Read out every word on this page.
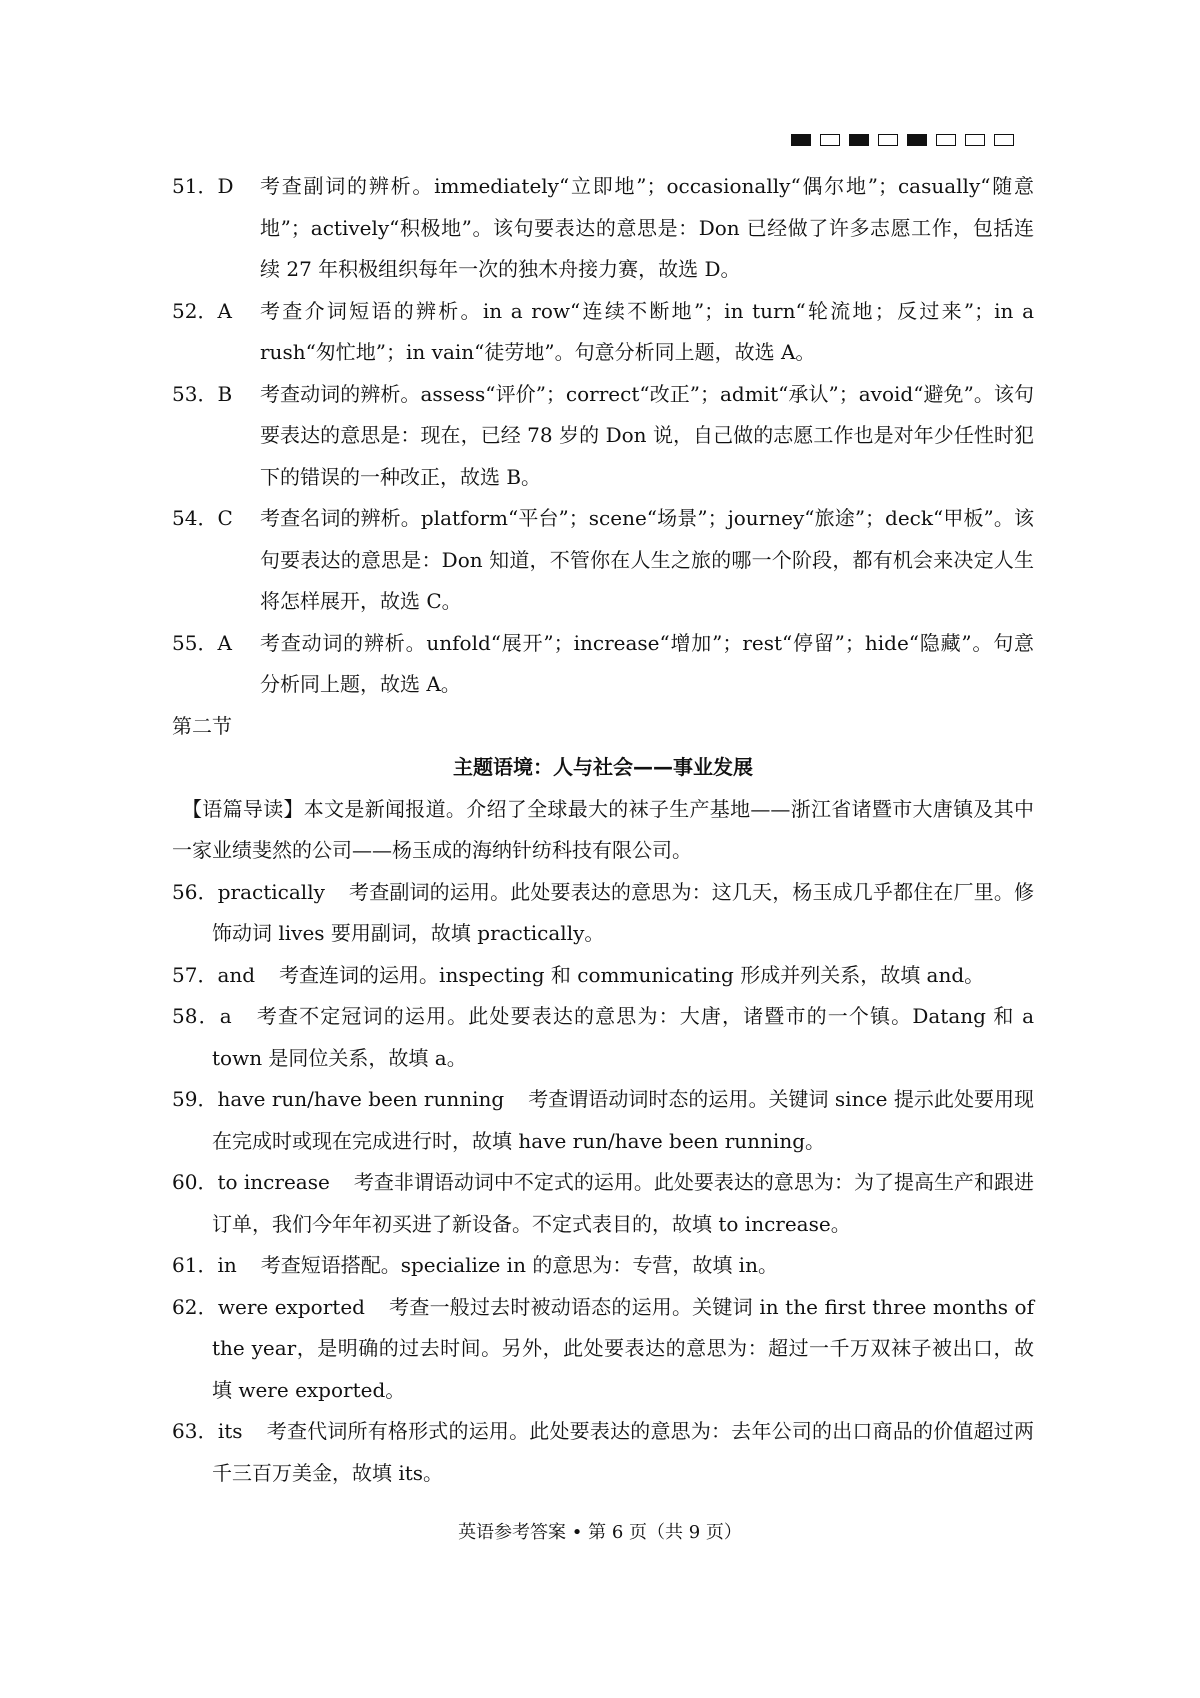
51．D 考查副词的辨析。immediately“立即地”；occasionally“偶尔地”；casually“随意地”；actively“积极地”。该句要表达的意思是：Don 已经做了许多志愿工作，包括连续 27 年积极组织每年一次的独木舟接力赛，故选 D。
52．A 考查介词短语的辨析。in a row“连续不断地”；in turn“轮流地；反过来”；in a rush“匆忙地”；in vain“徒劳地”。句意分析同上题，故选 A。
53．B 考查动词的辨析。assess“评价”；correct“改正”；admit“承认”；avoid“避免”。该句要表达的意思是：现在，已经 78 岁的 Don 说，自己做的志愿工作也是对年少任性时犯下的错误的一种改正，故选 B。
54．C 考查名词的辨析。platform“平台”；scene“场景”；journey“旅途”；deck“甲板”。该句要表达的意思是：Don 知道，不管你在人生之旅的哪一个阶段，都有机会来决定人生将怎样展开，故选 C。
55．A 考查动词的辨析。unfold“展开”；increase“增加”；rest“停留”；hide“隐藏”。句意分析同上题，故选 A。
第二节
主题语境：人与社会——事业发展
【语篇导读】本文是新闻报道。介绍了全球最大的袜子生产基地——浙江省诸暨市大唐镇及其中一家业绩斐然的公司——杨玉成的海纳针纺科技有限公司。
56．practically 考查副词的运用。此处要表达的意思为：这几天，杨玉成几乎都住在厂里。修饰动词 lives 要用副词，故填 practically。
57．and 考查连词的运用。inspecting 和 communicating 形成并列关系，故填 and。
58．a 考查不定冠词的运用。此处要表达的意思为：大唐，诸暨市的一个镇。Datang 和 a town 是同位关系，故填 a。
59．have run/have been running 考查谓语动词时态的运用。关键词 since 提示此处要用现在完成时或现在完成进行时，故填 have run/have been running。
60．to increase 考查非谓语动词中不定式的运用。此处要表达的意思为：为了提高生产和跟进订单，我们今年年初买进了新设备。不定式表目的，故填 to increase。
61．in 考查短语搭配。specialize in 的意思为：专营，故填 in。
62．were exported 考查一般过去时被动语态的运用。关键词 in the first three months of the year，是明确的过去时间。另外，此处要表达的意思为：超过一千万双袜子被出口，故填 were exported。
63．its 考查代词所有格形式的运用。此处要表达的意思为：去年公司的出口商品的价值超过两千三百万美金，故填 its。
英语参考答案 • 第 6 页（共 9 页）
